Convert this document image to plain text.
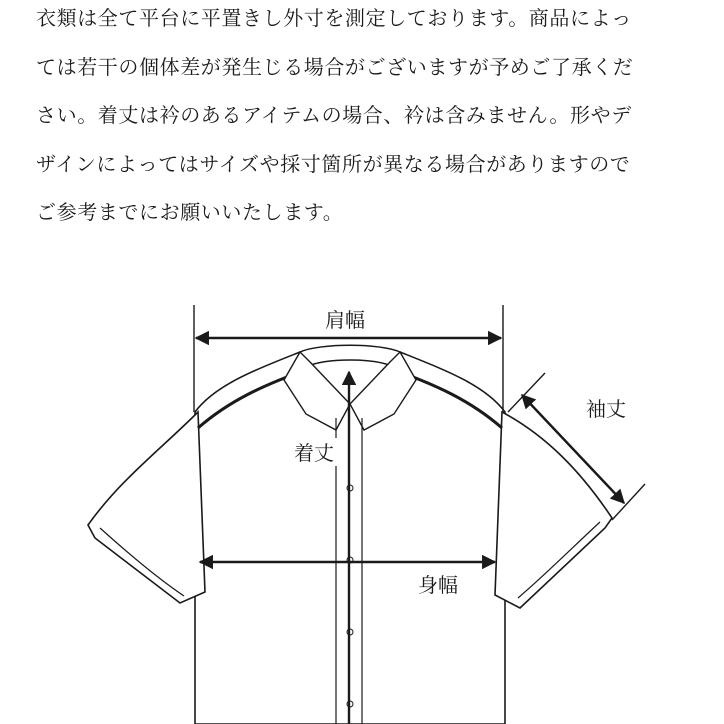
衣類は全て平台に平置きし外寸を測定しております。商品によっ
ては若干の個体差が発生じる場合がございますが予めご了承くだ
さい。着丈は衿のあるアイテムの場合、衿は含みません。形やデ
ザインによってはサイズや採寸箇所が異なる場合がありますので
ご参考までにお願いいたします。
肩幅
袖丈
着丈
身幅
